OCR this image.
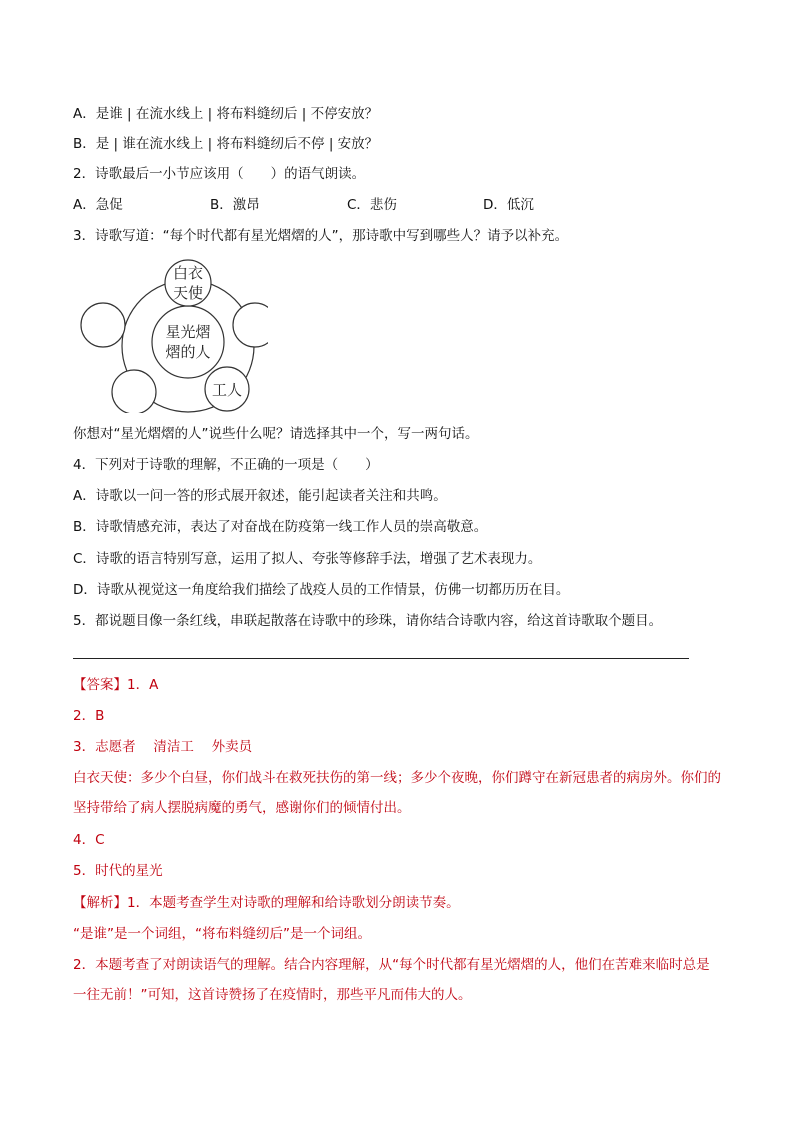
A．是谁 | 在流水线上 | 将布料缝纫后 | 不停安放？
B．是 | 谁在流水线上 | 将布料缝纫后不停 | 安放？
2．诗歌最后一小节应该用（　　）的语气朗读。
A．急促	B．激昂	C．悲伤	D．低沉
3．诗歌写道：“每个时代都有星光熠熠的人”，那诗歌中写到哪些人？请予以补充。
星光熠
熠的人
白衣
天使
工人
你想对“星光熠熠的人”说些什么呢？请选择其中一个，写一两句话。
4．下列对于诗歌的理解，不正确的一项是（　　）
A．诗歌以一问一答的形式展开叙述，能引起读者关注和共鸣。
B．诗歌情感充沛，表达了对奋战在防疫第一线工作人员的崇高敬意。
C．诗歌的语言特别写意，运用了拟人、夸张等修辞手法，增强了艺术表现力。
D．诗歌从视觉这一角度给我们描绘了战疫人员的工作情景，仿佛一切都历历在目。
5．都说题目像一条红线，串联起散落在诗歌中的珍珠，请你结合诗歌内容，给这首诗歌取个题目。
【答案】1．A
2．B
3．志愿者　 清洁工　 外卖员
白衣天使：多少个白昼，你们战斗在救死扶伤的第一线；多少个夜晚，你们蹲守在新冠患者的病房外。你们的坚持带给了病人摆脱病魔的勇气，感谢你们的倾情付出。
4．C
5．时代的星光
【解析】1．本题考查学生对诗歌的理解和给诗歌划分朗读节奏。
“是谁”是一个词组，“将布料缝纫后”是一个词组。
2．本题考查了对朗读语气的理解。结合内容理解，从“每个时代都有星光熠熠的人，他们在苦难来临时总是一往无前！”可知，这首诗赞扬了在疫情时，那些平凡而伟大的人。
